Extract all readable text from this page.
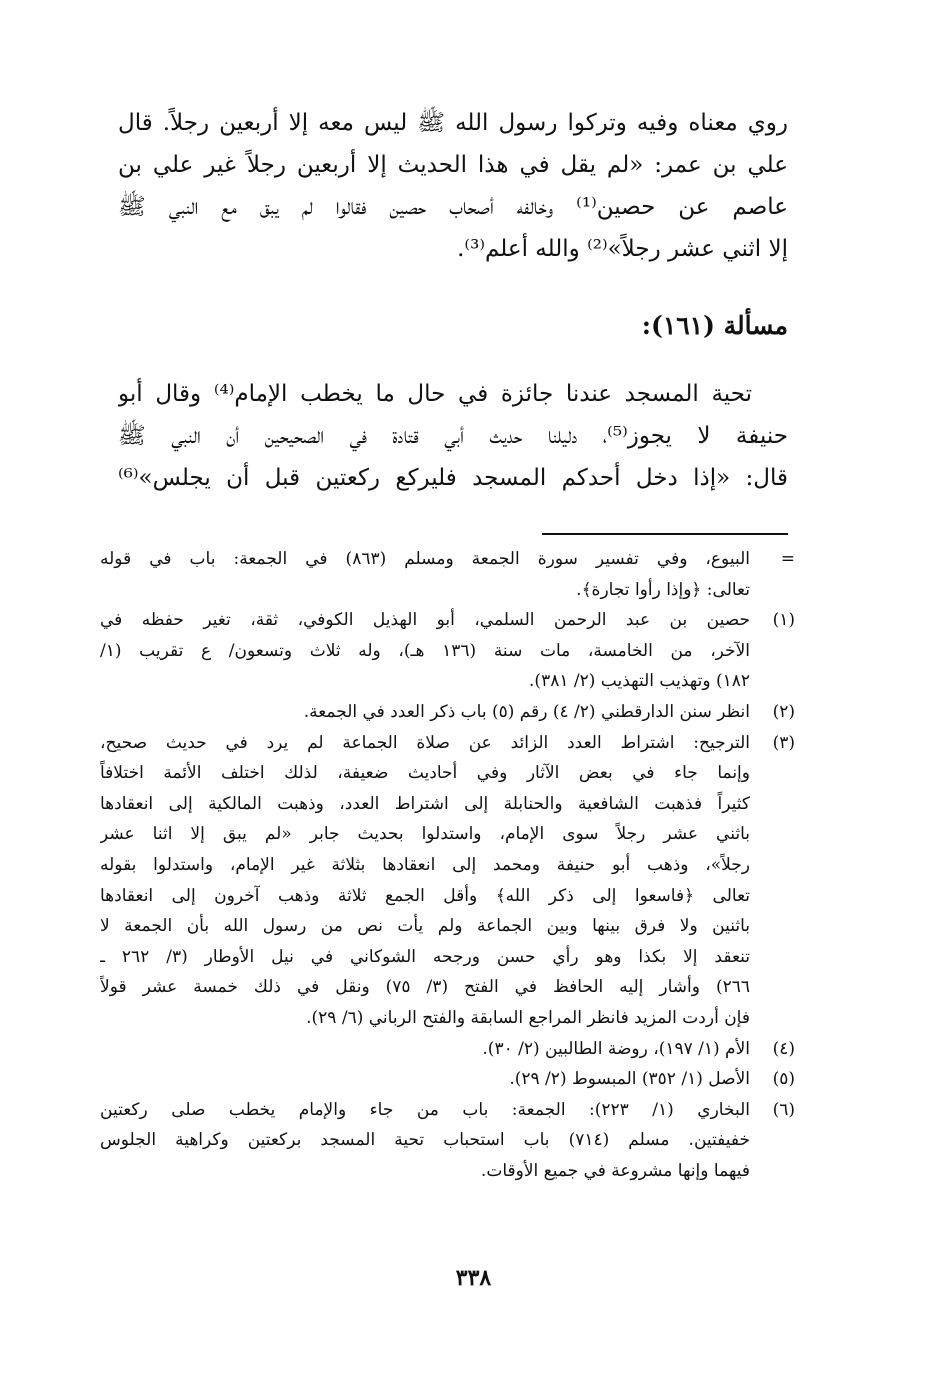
روي معناه وفيه وتركوا رسول الله ﷺ ليس معه إلا أربعين رجلاً. قال
علي بن عمر: «لم يقل في هذا الحديث إلا أربعين رجلاً غير علي بن
عاصم عن حصين⁽¹⁾ وخالفه أصحاب حصين فقالوا لم يبق مع النبي ﷺ
إلا اثني عشر رجلاً»⁽²⁾ والله أعلم⁽³⁾.
مسألة (١٦١):
تحية المسجد عندنا جائزة في حال ما يخطب الإمام⁽⁴⁾ وقال أبو
حنيفة لا يجوز⁽⁵⁾، دليلنا حديث أبي قتادة في الصحيحين أن النبي ﷺ
قال: «إذا دخل أحدكم المسجد فليركع ركعتين قبل أن يجلس»⁽⁶⁾
=
البيوع، وفي تفسير سورة الجمعة ومسلم (٨٦٣) في الجمعة: باب في قوله
تعالى: ﴿وإذا رأوا تجارة﴾.
(١)
حصين بن عبد الرحمن السلمي، أبو الهذيل الكوفي، ثقة، تغير حفظه في
الآخر، من الخامسة، مات سنة (١٣٦ هـ)، وله ثلاث وتسعون/ ع تقريب (١/
١٨٢) وتهذيب التهذيب (٢/ ٣٨١).
(٢)
انظر سنن الدارقطني (٢/ ٤) رقم (٥) باب ذكر العدد في الجمعة.
(٣)
الترجيح: اشتراط العدد الزائد عن صلاة الجماعة لم يرد في حديث صحيح،
وإنما جاء في بعض الآثار وفي أحاديث ضعيفة، لذلك اختلف الأئمة اختلافاً
كثيراً فذهبت الشافعية والحنابلة إلى اشتراط العدد، وذهبت المالكية إلى انعقادها
باثني عشر رجلاً سوى الإمام، واستدلوا بحديث جابر «لم يبق إلا اثنا عشر
رجلاً»، وذهب أبو حنيفة ومحمد إلى انعقادها بثلاثة غير الإمام، واستدلوا بقوله
تعالى ﴿فاسعوا إلى ذكر الله﴾ وأقل الجمع ثلاثة وذهب آخرون إلى انعقادها
باثنين ولا فرق بينها وبين الجماعة ولم يأت نص من رسول الله بأن الجمعة لا
تنعقد إلا بكذا وهو رأي حسن ورجحه الشوكاني في نيل الأوطار (٣/ ٢٦٢ ـ
٢٦٦) وأشار إليه الحافظ في الفتح (٣/ ٧٥) ونقل في ذلك خمسة عشر قولاً
فإن أردت المزيد فانظر المراجع السابقة والفتح الرباني (٦/ ٢٩).
(٤)
الأم (١/ ١٩٧)، روضة الطالبين (٢/ ٣٠).
(٥)
الأصل (١/ ٣٥٢) المبسوط (٢/ ٢٩).
(٦)
البخاري (١/ ٢٢٣): الجمعة: باب من جاء والإمام يخطب صلى ركعتين
خفيفتين. مسلم (٧١٤) باب استحباب تحية المسجد بركعتين وكراهية الجلوس
فيهما وإنها مشروعة في جميع الأوقات.
٣٣٨
